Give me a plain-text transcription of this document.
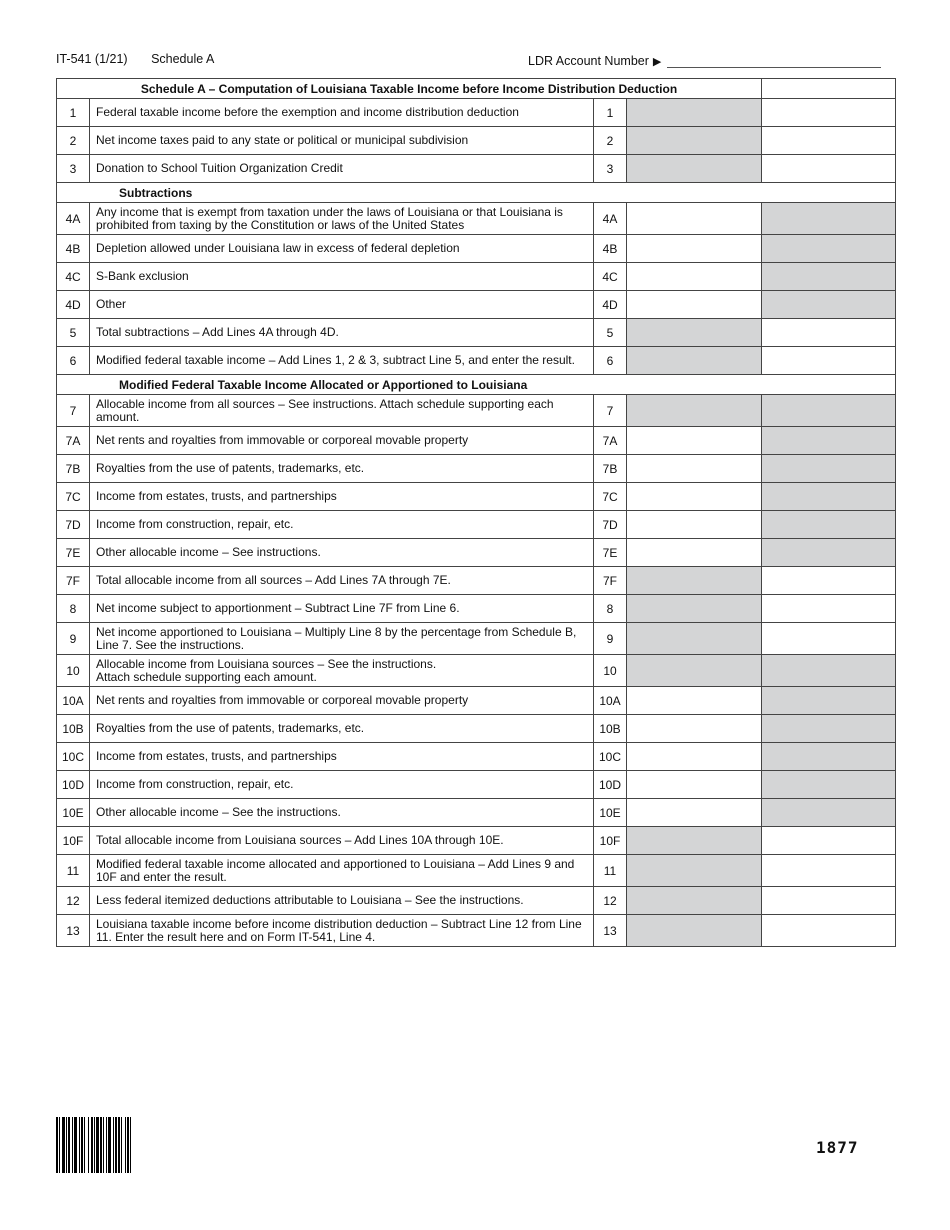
IT-541 (1/21) Schedule A	LDR Account Number ▶
Schedule A – Computation of Louisiana Taxable Income before Income Distribution Deduction				
1	Federal taxable income before the exemption and income distribution deduction	1		
2	Net income taxes paid to any state or political or municipal subdivision	2		
3	Donation to School Tuition Organization Credit	3		
Subtractions				
4A	Any income that is exempt from taxation under the laws of Louisiana or that Louisiana is prohibited from taxing by the Constitution or laws of the United States	4A		
4B	Depletion allowed under Louisiana law in excess of federal depletion	4B		
4C	S-Bank exclusion	4C		
4D	Other	4D		
5	Total subtractions – Add Lines 4A through 4D.	5		
6	Modified federal taxable income – Add Lines 1, 2 & 3, subtract Line 5, and enter the result.	6		
Modified Federal Taxable Income Allocated or Apportioned to Louisiana				
7	Allocable income from all sources – See instructions. Attach schedule supporting each amount.	7		
7A	Net rents and royalties from immovable or corporeal movable property	7A		
7B	Royalties from the use of patents, trademarks, etc.	7B		
7C	Income from estates, trusts, and partnerships	7C		
7D	Income from construction, repair, etc.	7D		
7E	Other allocable income – See instructions.	7E		
7F	Total allocable income from all sources – Add Lines 7A through 7E.	7F		
8	Net income subject to apportionment – Subtract Line 7F from Line 6.	8		
9	Net income apportioned to Louisiana – Multiply Line 8 by the percentage from Schedule B, Line 7. See the instructions.	9		
10	Allocable income from Louisiana sources – See the instructions.
Attach schedule supporting each amount.	10		
10A	Net rents and royalties from immovable or corporeal movable property	10A		
10B	Royalties from the use of patents, trademarks, etc.	10B		
10C	Income from estates, trusts, and partnerships	10C		
10D	Income from construction, repair, etc.	10D		
10E	Other allocable income – See the instructions.	10E		
10F	Total allocable income from Louisiana sources – Add Lines 10A through 10E.	10F		
11	Modified federal taxable income allocated and apportioned to Louisiana – Add Lines 9 and 10F and enter the result.	11		
12	Less federal itemized deductions attributable to Louisiana – See the instructions.	12		
13	Louisiana taxable income before income distribution deduction – Subtract Line 12 from Line 11. Enter the result here and on Form IT-541, Line 4.	13		
1877
